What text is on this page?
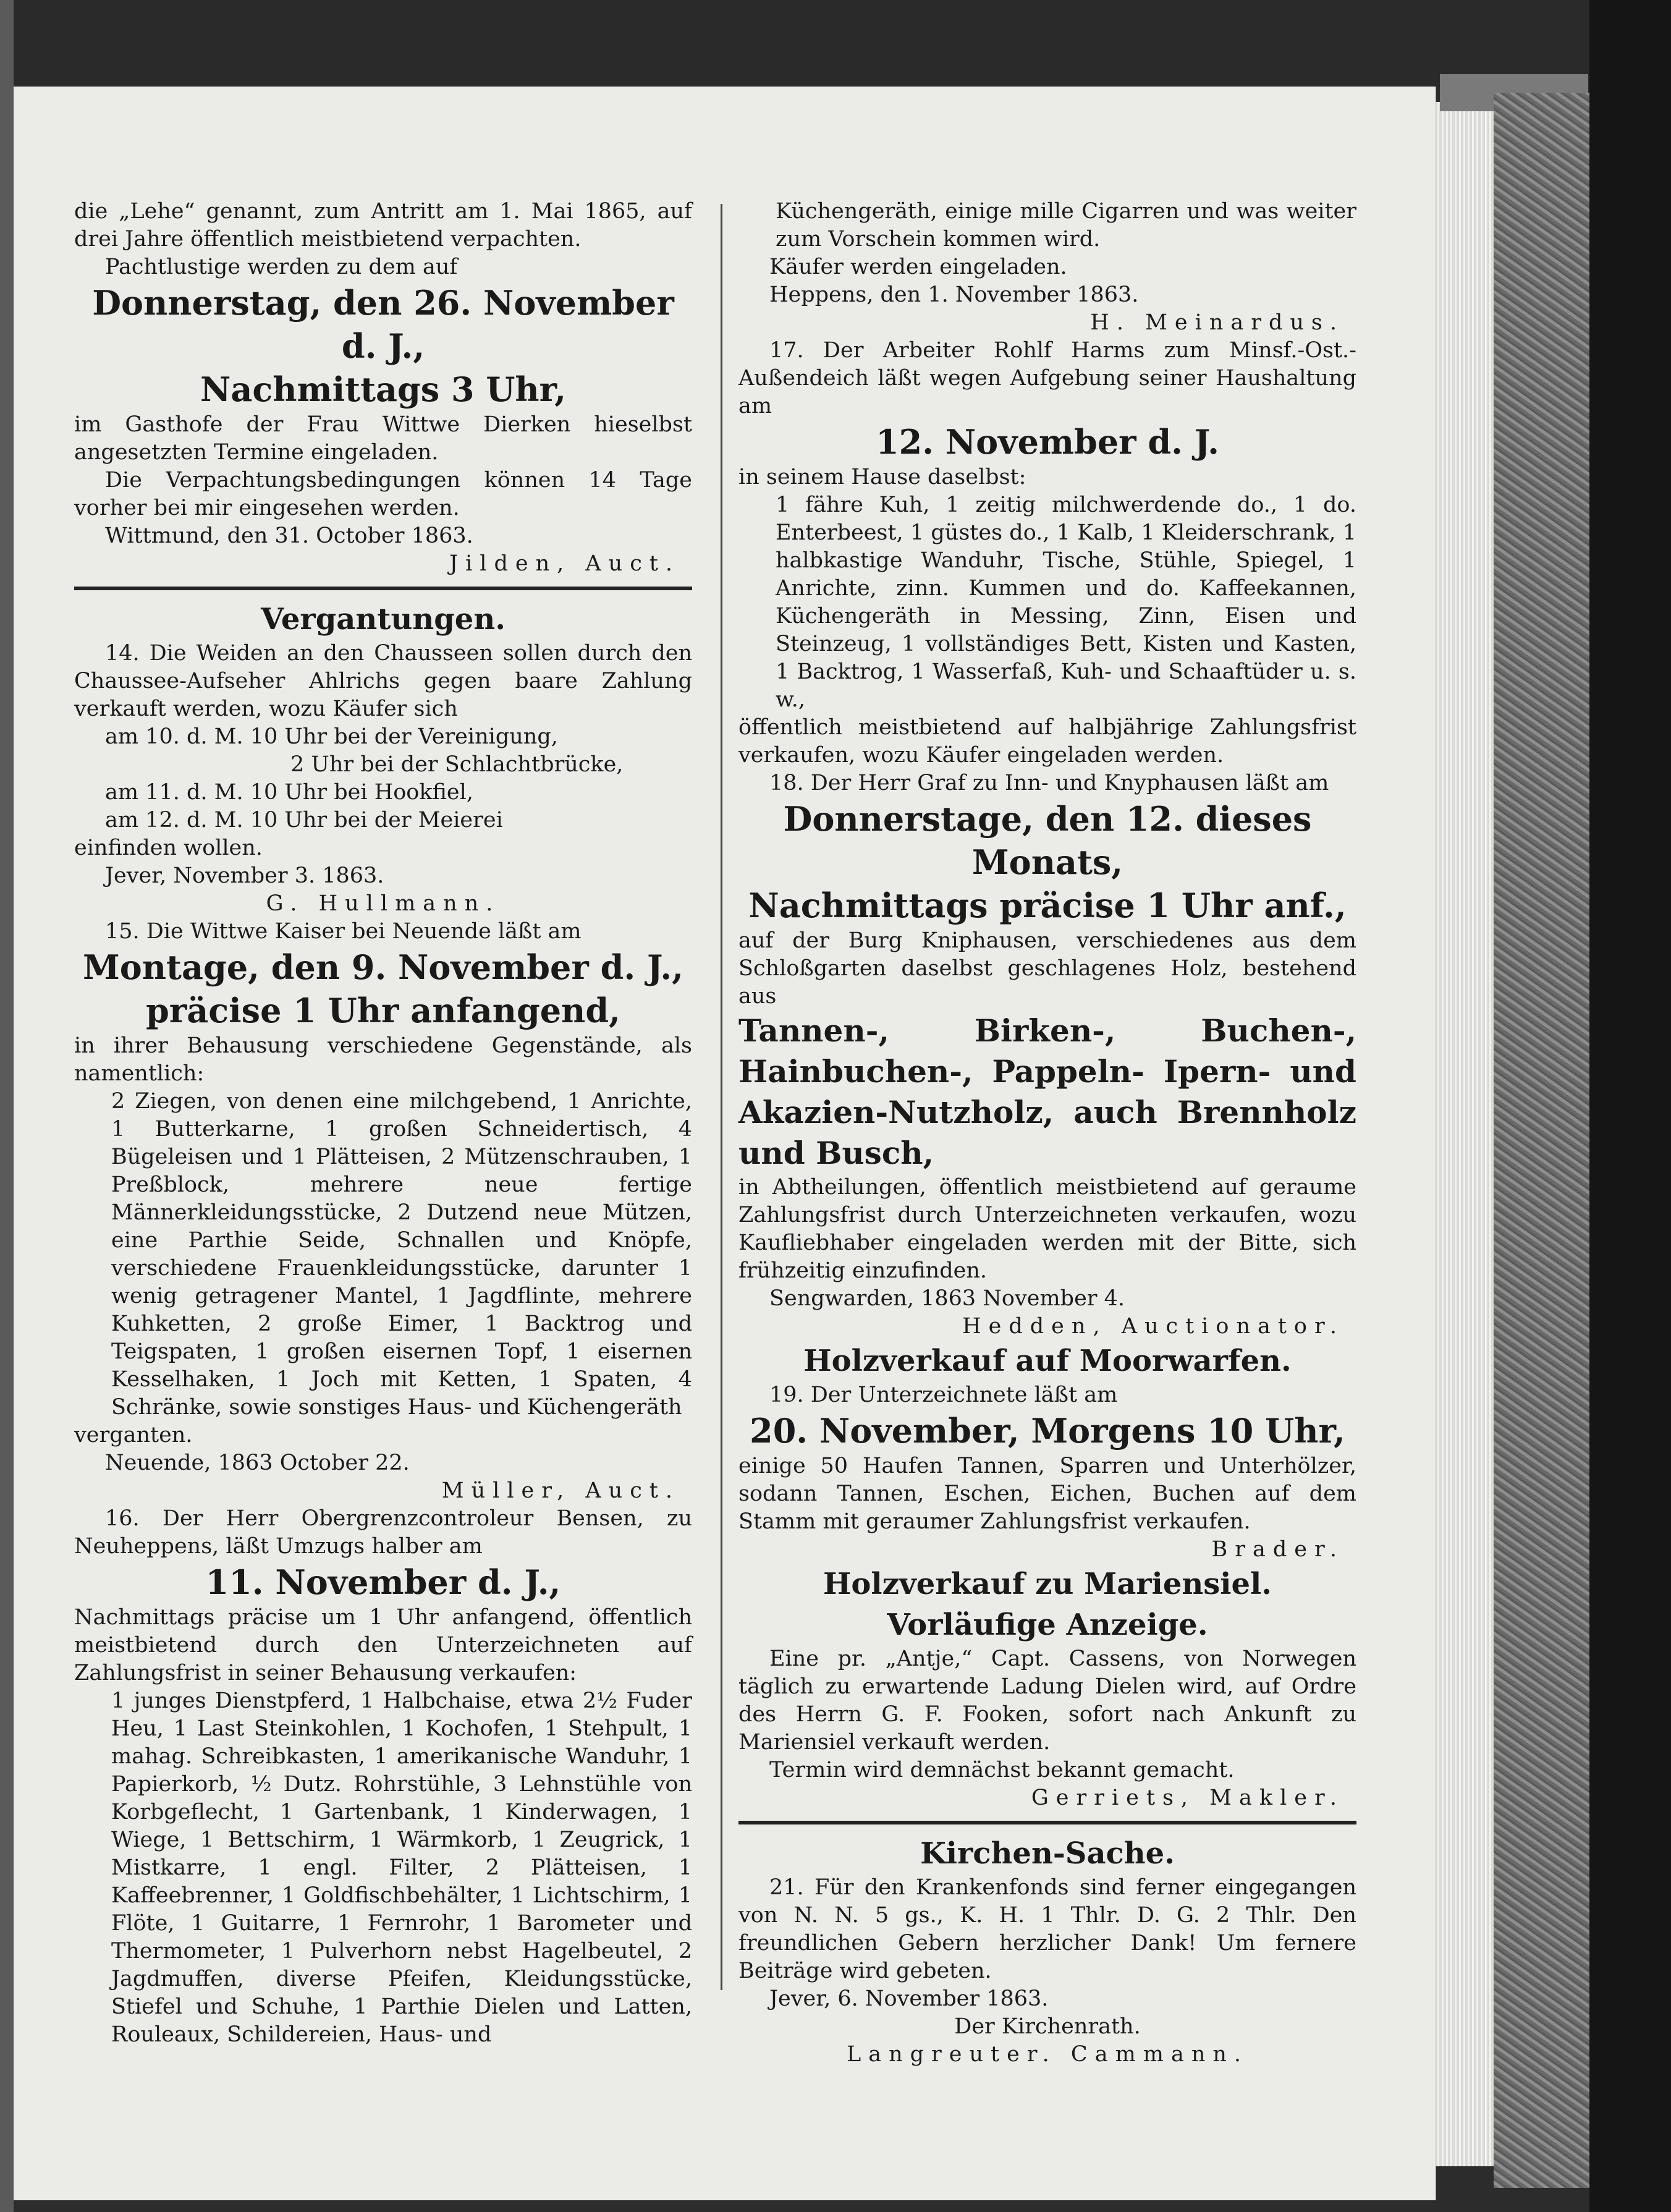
die „Lehe“ genannt, zum Antritt am 1. Mai 1865, auf drei Jahre öffentlich meistbietend verpachten.

Pachtlustige werden zu dem auf

Donnerstag, den 26. November d. J.,

Nachmittags 3 Uhr,

im Gasthofe der Frau Wittwe Dierken hieselbst angesetzten Termine eingeladen.

Die Verpachtungsbedingungen können 14 Tage vorher bei mir eingesehen werden.

Wittmund, den 31. October 1863.

Jilden, Auct.

Vergantungen.

14. Die Weiden an den Chausseen sollen durch den Chaussee-Aufseher Ahlrichs gegen baare Zahlung verkauft werden, wozu Käufer sich

am 10. d. M. 10 Uhr bei der Vereinigung,

2 Uhr bei der Schlachtbrücke,

am 11. d. M. 10 Uhr bei Hookfiel,

am 12. d. M. 10 Uhr bei der Meierei

einfinden wollen.

Jever, November 3. 1863.

G. Hullmann.

15. Die Wittwe Kaiser bei Neuende läßt am

Montage, den 9. November d. J.,

präcise 1 Uhr anfangend,

in ihrer Behausung verschiedene Gegenstände, als namentlich:

2 Ziegen, von denen eine milchgebend, 1 Anrichte, 1 Butterkarne, 1 großen Schneidertisch, 4 Bügeleisen und 1 Plätteisen, 2 Mützenschrauben, 1 Preßblock, mehrere neue fertige Männerkleidungsstücke, 2 Dutzend neue Mützen, eine Parthie Seide, Schnallen und Knöpfe, verschiedene Frauenkleidungsstücke, darunter 1 wenig getragener Mantel, 1 Jagdflinte, mehrere Kuhketten, 2 große Eimer, 1 Backtrog und Teigspaten, 1 großen eisernen Topf, 1 eisernen Kesselhaken, 1 Joch mit Ketten, 1 Spaten, 4 Schränke, sowie sonstiges Haus- und Küchengeräth

verganten.

Neuende, 1863 October 22.

Müller, Auct.

16. Der Herr Obergrenzcontroleur Bensen, zu Neuheppens, läßt Umzugs halber am

11. November d. J.,

Nachmittags präcise um 1 Uhr anfangend, öffentlich meistbietend durch den Unterzeichneten auf Zahlungsfrist in seiner Behausung verkaufen:

1 junges Dienstpferd, 1 Halbchaise, etwa 2½ Fuder Heu, 1 Last Steinkohlen, 1 Kochofen, 1 Stehpult, 1 mahag. Schreibkasten, 1 amerikanische Wanduhr, 1 Papierkorb, ½ Dutz. Rohrstühle, 3 Lehnstühle von Korbgeflecht, 1 Gartenbank, 1 Kinderwagen, 1 Wiege, 1 Bettschirm, 1 Wärmkorb, 1 Zeugrick, 1 Mistkarre, 1 engl. Filter, 2 Plätteisen, 1 Kaffeebrenner, 1 Goldfischbehälter, 1 Lichtschirm, 1 Flöte, 1 Guitarre, 1 Fernrohr, 1 Barometer und Thermometer, 1 Pulverhorn nebst Hagelbeutel, 2 Jagdmuffen, diverse Pfeifen, Kleidungsstücke, Stiefel und Schuhe, 1 Parthie Dielen und Latten, Rouleaux, Schildereien, Haus- und

Küchengeräth, einige mille Cigarren und was weiter zum Vorschein kommen wird.

Käufer werden eingeladen.

Heppens, den 1. November 1863.

H. Meinardus.

17. Der Arbeiter Rohlf Harms zum Minsf.-Ost.-Außendeich läßt wegen Aufgebung seiner Haushaltung am

12. November d. J.

in seinem Hause daselbst:

1 fähre Kuh, 1 zeitig milchwerdende do., 1 do. Enterbeest, 1 güstes do., 1 Kalb, 1 Kleiderschrank, 1 halbkastige Wanduhr, Tische, Stühle, Spiegel, 1 Anrichte, zinn. Kummen und do. Kaffeekannen, Küchengeräth in Messing, Zinn, Eisen und Steinzeug, 1 vollständiges Bett, Kisten und Kasten, 1 Backtrog, 1 Wasserfaß, Kuh- und Schaaftüder u. s. w.,

öffentlich meistbietend auf halbjährige Zahlungsfrist verkaufen, wozu Käufer eingeladen werden.

18. Der Herr Graf zu Inn- und Knyphausen läßt am

Donnerstage, den 12. dieses Monats,

Nachmittags präcise 1 Uhr anf.,

auf der Burg Kniphausen, verschiedenes aus dem Schloßgarten daselbst geschlagenes Holz, bestehend aus

Tannen-, Birken-, Buchen-, Hainbuchen-, Pappeln- Ipern- und Akazien-Nutzholz, auch Brennholz und Busch,

in Abtheilungen, öffentlich meistbietend auf geraume Zahlungsfrist durch Unterzeichneten verkaufen, wozu Kaufliebhaber eingeladen werden mit der Bitte, sich frühzeitig einzufinden.

Sengwarden, 1863 November 4.

Hedden, Auctionator.

Holzverkauf auf Moorwarfen.

19. Der Unterzeichnete läßt am

20. November, Morgens 10 Uhr,

einige 50 Haufen Tannen, Sparren und Unterhölzer, sodann Tannen, Eschen, Eichen, Buchen auf dem Stamm mit geraumer Zahlungsfrist verkaufen.

Brader.

Holzverkauf zu Mariensiel.

Vorläufige Anzeige.

Eine pr. „Antje,“ Capt. Cassens, von Norwegen täglich zu erwartende Ladung Dielen wird, auf Ordre des Herrn G. F. Fooken, sofort nach Ankunft zu Mariensiel verkauft werden.

Termin wird demnächst bekannt gemacht.

Gerriets, Makler.

Kirchen-Sache.

21. Für den Krankenfonds sind ferner eingegangen von N. N. 5 gs., K. H. 1 Thlr. D. G. 2 Thlr. Den freundlichen Gebern herzlicher Dank! Um fernere Beiträge wird gebeten.

Jever, 6. November 1863.

Der Kirchenrath.

Langreuter. Cammann.
